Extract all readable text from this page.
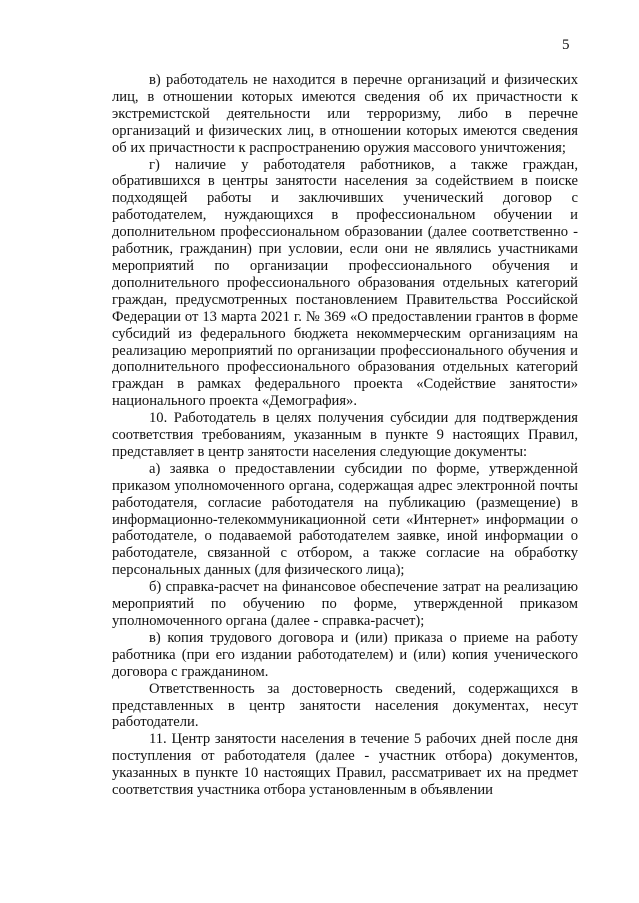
5

в) работодатель не находится в перечне организаций и физических лиц, в отношении которых имеются сведения об их причастности к экстремистской деятельности или терроризму, либо в перечне организаций и физических лиц, в отношении которых имеются сведения об их причастности к распространению оружия массового уничтожения;

г) наличие у работодателя работников, а также граждан, обратившихся в центры занятости населения за содействием в поиске подходящей работы и заключивших ученический договор с работодателем, нуждающихся в профессиональном обучении и дополнительном профессиональном образовании (далее соответственно - работник, гражданин) при условии, если они не являлись участниками мероприятий по организации профессионального обучения и дополнительного профессионального образования отдельных категорий граждан, предусмотренных постановлением Правительства Российской Федерации от 13 марта 2021 г. № 369 «О предоставлении грантов в форме субсидий из федерального бюджета некоммерческим организациям на реализацию мероприятий по организации профессионального обучения и дополнительного профессионального образования отдельных категорий граждан в рамках федерального проекта «Содействие занятости» национального проекта «Демография».

10. Работодатель в целях получения субсидии для подтверждения соответствия требованиям, указанным в пункте 9 настоящих Правил, представляет в центр занятости населения следующие документы:

а) заявка о предоставлении субсидии по форме, утвержденной приказом уполномоченного органа, содержащая адрес электронной почты работодателя, согласие работодателя на публикацию (размещение) в информационно-телекоммуникационной сети «Интернет» информации о работодателе, о подаваемой работодателем заявке, иной информации о работодателе, связанной с отбором, а также согласие на обработку персональных данных (для физического лица);

б) справка-расчет на финансовое обеспечение затрат на реализацию мероприятий по обучению по форме, утвержденной приказом уполномоченного органа (далее - справка-расчет);

в) копия трудового договора и (или) приказа о приеме на работу работника (при его издании работодателем) и (или) копия ученического договора с гражданином.

Ответственность за достоверность сведений, содержащихся в представленных в центр занятости населения документах, несут работодатели.

11. Центр занятости населения в течение 5 рабочих дней после дня поступления от работодателя (далее - участник отбора) документов, указанных в пункте 10 настоящих Правил, рассматривает их на предмет соответствия участника отбора установленным в объявлении
